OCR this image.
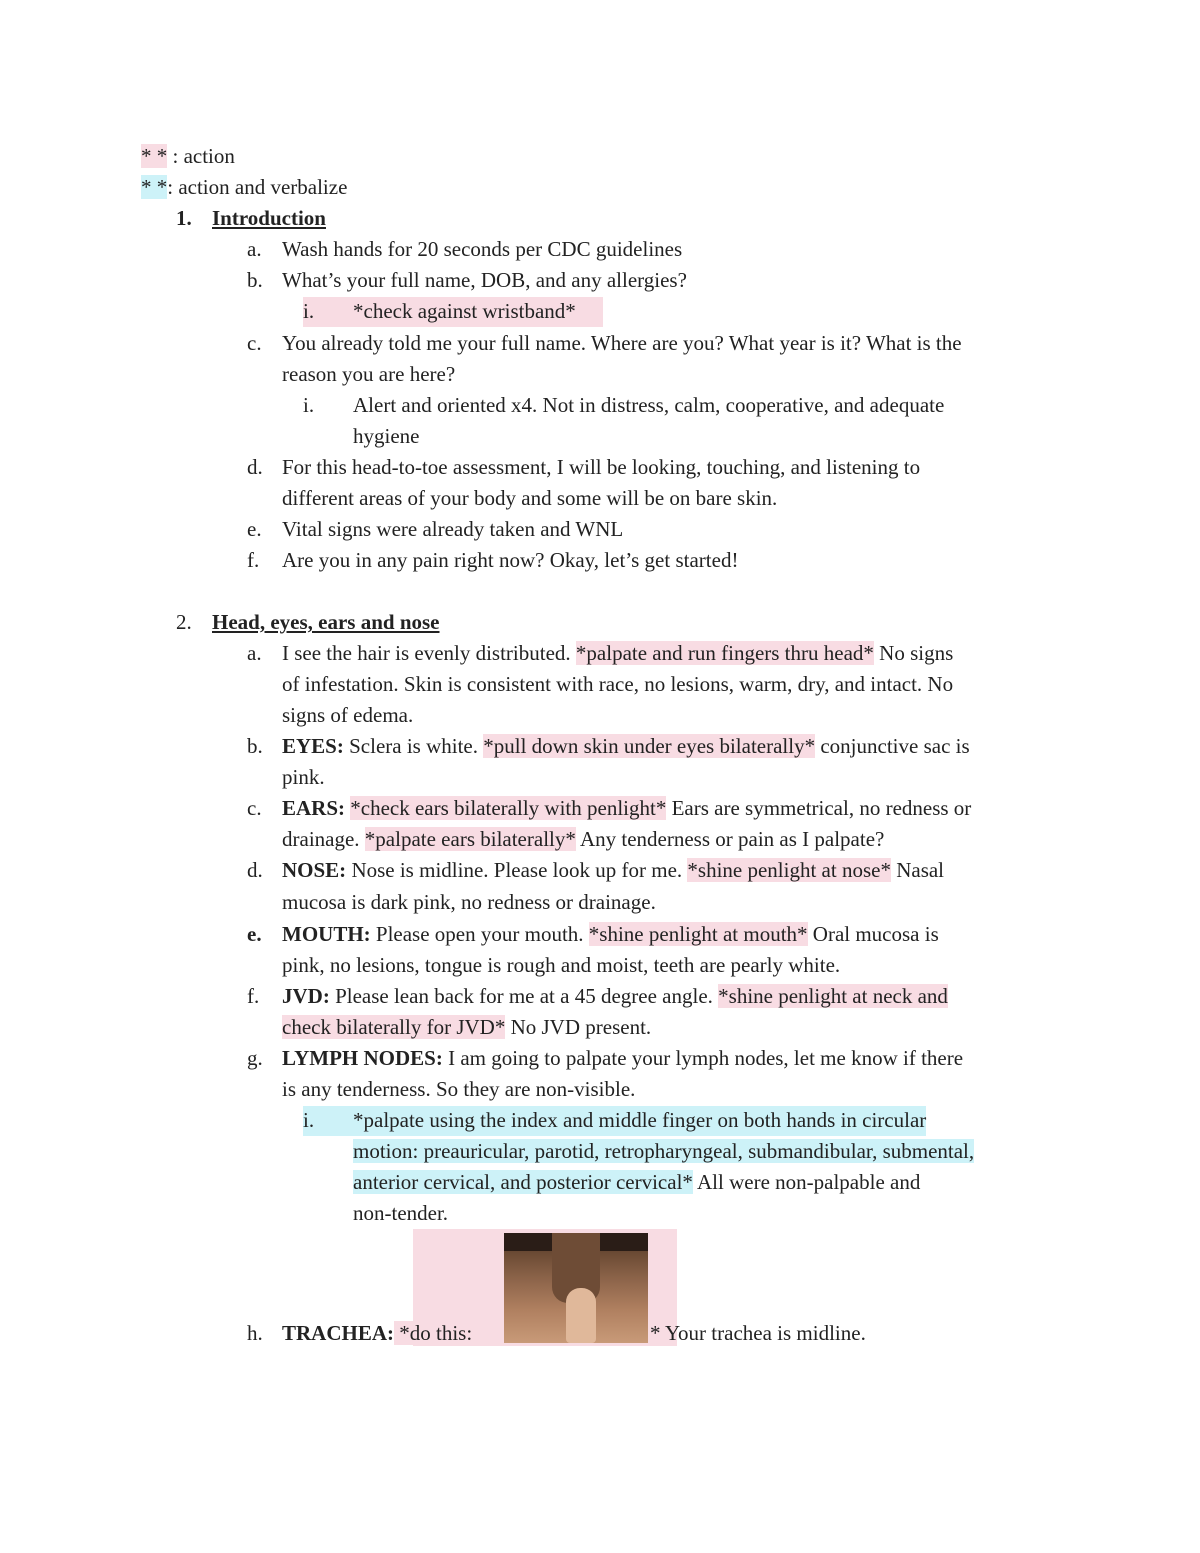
* * : action
* *: action and verbalize
1. Introduction
a. Wash hands for 20 seconds per CDC guidelines
b. What’s your full name, DOB, and any allergies?
i. *check against wristband*
c. You already told me your full name. Where are you? What year is it? What is the
reason you are here?
i. Alert and oriented x4. Not in distress, calm, cooperative, and adequate
hygiene
d. For this head-to-toe assessment, I will be looking, touching, and listening to
different areas of your body and some will be on bare skin.
e. Vital signs were already taken and WNL
f. Are you in any pain right now? Okay, let’s get started!
2. Head, eyes, ears and nose
a. I see the hair is evenly distributed. *palpate and run fingers thru head* No signs
of infestation. Skin is consistent with race, no lesions, warm, dry, and intact. No
signs of edema.
b. EYES: Sclera is white. *pull down skin under eyes bilaterally* conjunctive sac is
pink.
c. EARS: *check ears bilaterally with penlight* Ears are symmetrical, no redness or
drainage. *palpate ears bilaterally* Any tenderness or pain as I palpate?
d. NOSE: Nose is midline. Please look up for me. *shine penlight at nose* Nasal
mucosa is dark pink, no redness or drainage.
e. MOUTH: Please open your mouth. *shine penlight at mouth* Oral mucosa is
pink, no lesions, tongue is rough and moist, teeth are pearly white.
f. JVD: Please lean back for me at a 45 degree angle. *shine penlight at neck and
check bilaterally for JVD* No JVD present.
g. LYMPH NODES: I am going to palpate your lymph nodes, let me know if there
is any tenderness. So they are non-visible.
i. *palpate using the index and middle finger on both hands in circular
motion: preauricular, parotid, retropharyngeal, submandibular, submental,
anterior cervical, and posterior cervical* All were non-palpable and
non-tender.
h. TRACHEA: *do this:	* Your trachea is midline.
